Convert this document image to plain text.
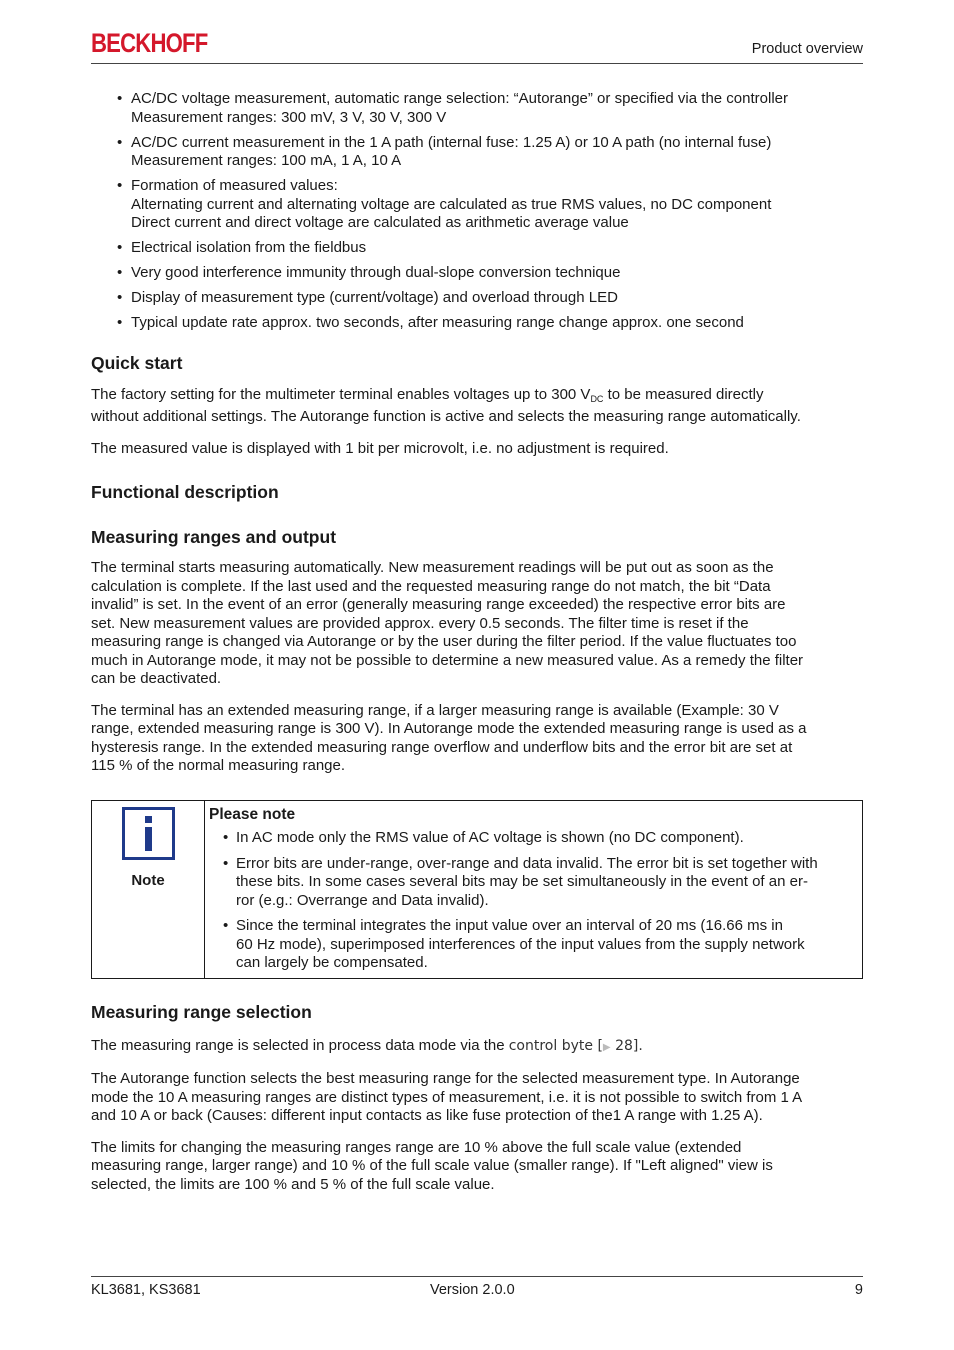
BECKHOFF	Product overview
• AC/DC voltage measurement, automatic range selection: “Autorange” or specified via the controller
Measurement ranges: 300 mV, 3 V, 30 V, 300 V
• AC/DC current measurement in the 1 A path (internal fuse: 1.25 A) or 10 A path (no internal fuse)
Measurement ranges: 100 mA, 1 A, 10 A
• Formation of measured values:
Alternating current and alternating voltage are calculated as true RMS values, no DC component
Direct current and direct voltage are calculated as arithmetic average value
• Electrical isolation from the fieldbus
• Very good interference immunity through dual-slope conversion technique
• Display of measurement type (current/voltage) and overload through LED
• Typical update rate approx. two seconds, after measuring range change approx. one second
Quick start

The factory setting for the multimeter terminal enables voltages up to 300 $V_{DC}$ to be measured directly
without additional settings. The Autorange function is active and selects the measuring range automatically.

The measured value is displayed with 1 bit per microvolt, i.e. no adjustment is required.

Functional description
Measuring ranges and output

The terminal starts measuring automatically. New measurement readings will be put out as soon as the
calculation is complete. If the last used and the requested measuring range do not match, the bit “Data
invalid” is set. In the event of an error (generally measuring range exceeded) the respective error bits are
set. New measurement values are provided approx. every 0.5 seconds. The filter time is reset if the
measuring range is changed via Autorange or by the user during the filter period. If the value fluctuates too
much in Autorange mode, it may not be possible to determine a new measured value. As a remedy the filter
can be deactivated.

The terminal has an extended measuring range, if a larger measuring range is available (Example: 30 V
range, extended measuring range is 300 V). In Autorange mode the extended measuring range is used as a
hysteresis range. In the extended measuring range overflow and underflow bits and the error bit are set at
115 % of the normal measuring range.

Note
Please note
• In AC mode only the RMS value of AC voltage is shown (no DC component).
• Error bits are under-range, over-range and data invalid. The error bit is set together with
these bits. In some cases several bits may be set simultaneously in the event of an er-
ror (e.g.: Overrange and Data invalid).
• Since the terminal integrates the input value over an interval of 20 ms (16.66 ms in
60 Hz mode), superimposed interferences of the input values from the supply network
can largely be compensated.
Measuring range selection

The measuring range is selected in process data mode via the control byte [▶ 28].

The Autorange function selects the best measuring range for the selected measurement type. In Autorange
mode the 10 A measuring ranges are distinct types of measurement, i.e. it is not possible to switch from 1 A
and 10 A or back (Causes: different input contacts as like fuse protection of the1 A range with 1.25 A).

The limits for changing the measuring ranges range are 10 % above the full scale value (extended
measuring range, larger range) and 10 % of the full scale value (smaller range). If "Left aligned" view is
selected, the limits are 100 % and 5 % of the full scale value.

KL3681, KS3681	Version 2.0.0	9
